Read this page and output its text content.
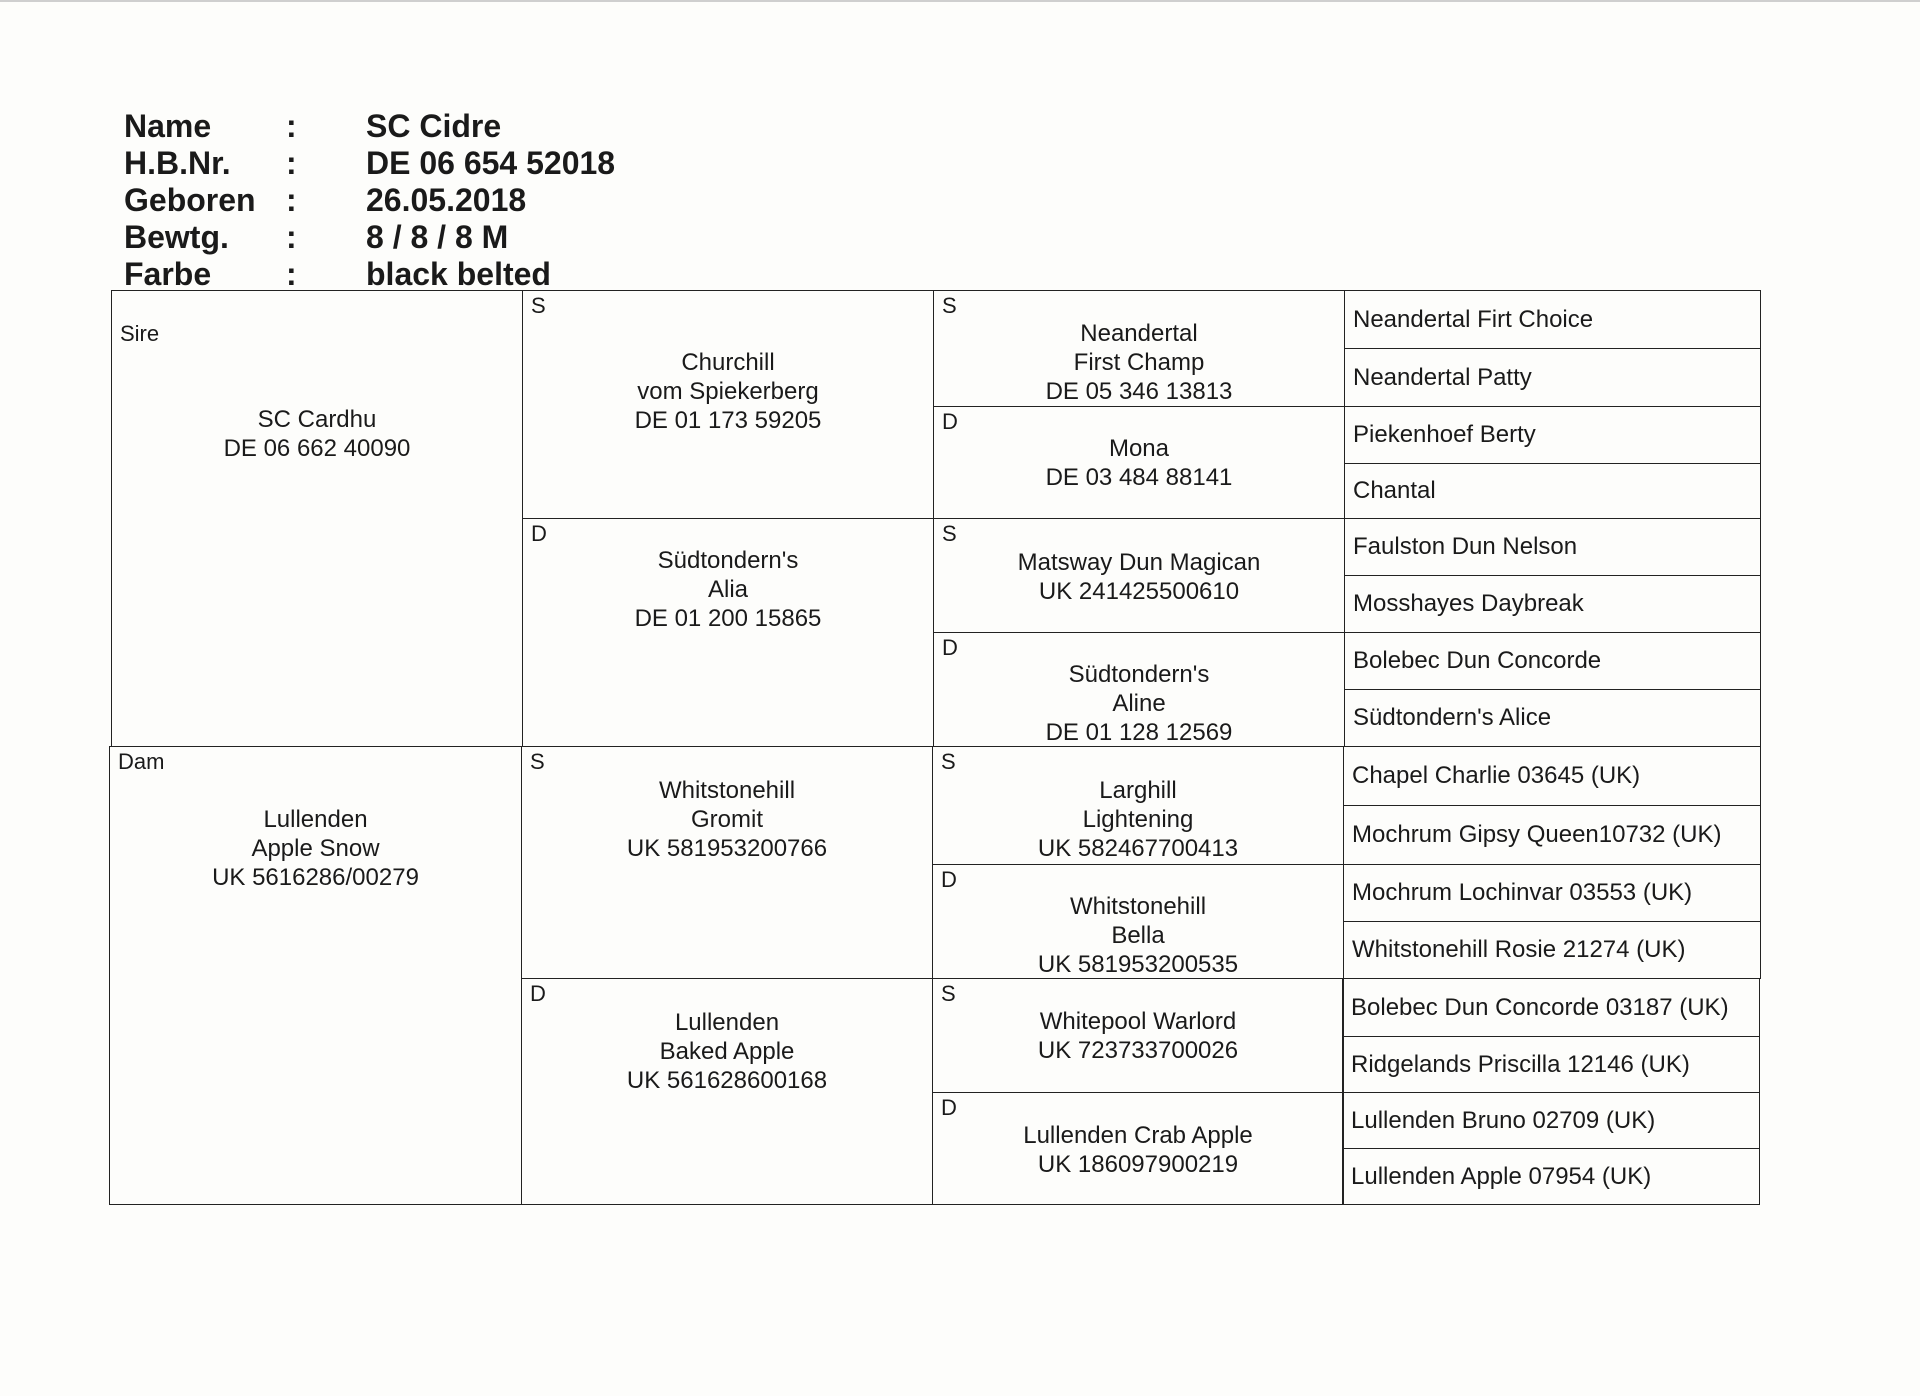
Name : SC Cidre
H.B.Nr. : DE 06 654 52018
Geboren : 26.05.2018
Bewtg. : 8 / 8 / 8 M
Farbe : black belted
Sire
SC Cardhu
DE 06 662 40090
Dam
Lullenden
Apple Snow
UK 5616286/00279
S
Churchill
vom Spiekerberg
DE 01 173 59205
D
Südtondern's
Alia
DE 01 200 15865
S
Whitstonehill
Gromit
UK 581953200766
D
Lullenden
Baked Apple
UK 561628600168
S
Neandertal
First Champ
DE 05 346 13813
D
Mona
DE 03 484 88141
S
Matsway Dun Magican
UK 241425500610
D
Südtondern's
Aline
DE 01 128 12569
S
Larghill
Lightening
UK 582467700413
D
Whitstonehill
Bella
UK 581953200535
S
Whitepool Warlord
UK 723733700026
D
Lullenden Crab Apple
UK 186097900219
Neandertal Firt Choice
Neandertal Patty
Piekenhoef Berty
Chantal
Faulston Dun Nelson
Mosshayes Daybreak
Bolebec Dun Concorde
Südtondern's Alice
Chapel Charlie 03645 (UK)
Mochrum Gipsy Queen10732 (UK)
Mochrum Lochinvar 03553 (UK)
Whitstonehill Rosie 21274 (UK)
Bolebec Dun Concorde 03187 (UK)
Ridgelands Priscilla 12146 (UK)
Lullenden Bruno 02709 (UK)
Lullenden Apple 07954 (UK)
